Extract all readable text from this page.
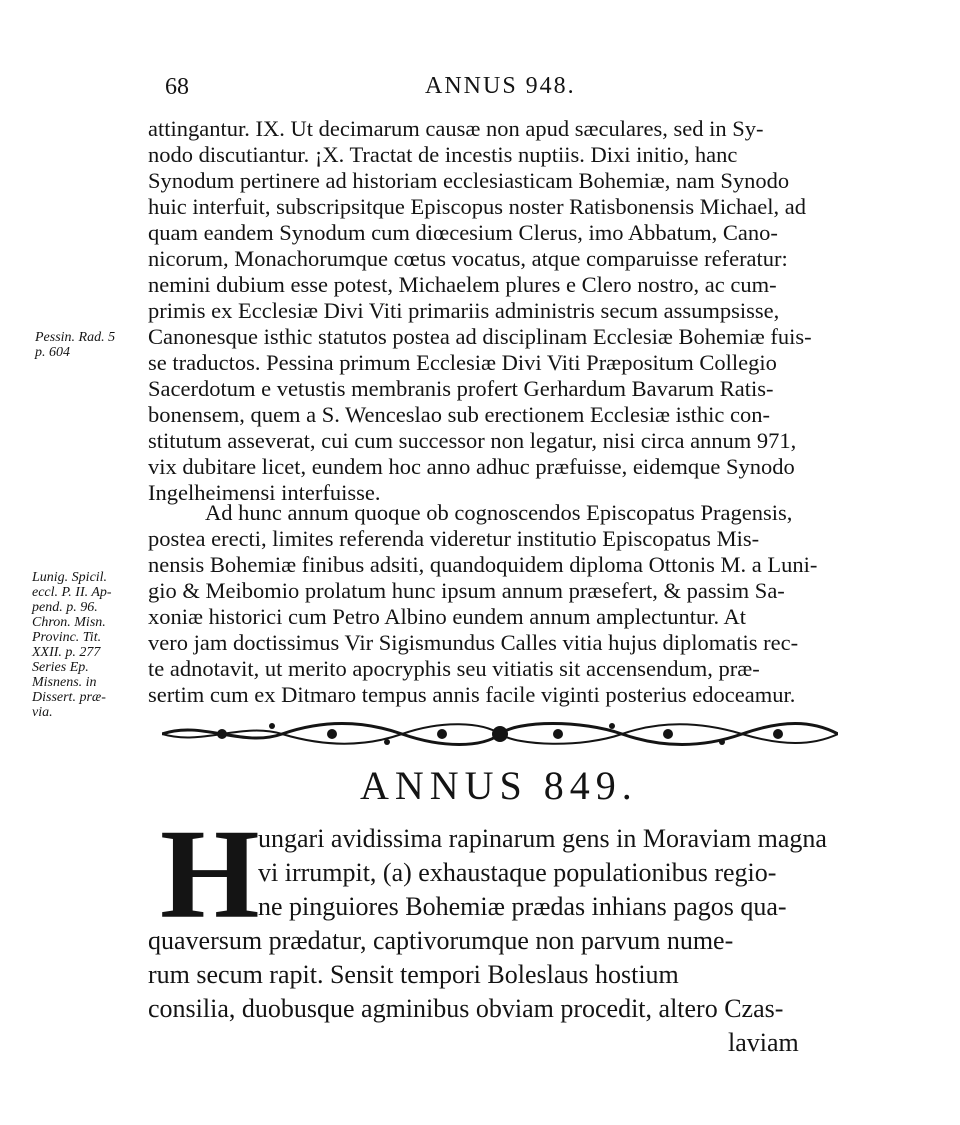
68	ANNUS 948.
attingantur. IX. Ut decimarum causæ non apud sæculares, sed in Sy-
nodo discutiantur. ¡X. Tractat de incestis nuptiis. Dixi initio, hanc
Synodum pertinere ad historiam ecclesiasticam Bohemiæ, nam Synodo
huic interfuit, subscripsitque Episcopus noster Ratisbonensis Michael, ad
quam eandem Synodum cum diœcesium Clerus, imo Abbatum, Cano-
nicorum, Monachorumque cœtus vocatus, atque comparuisse referatur:
nemini dubium esse potest, Michaelem plures e Clero nostro, ac cum-
primis ex Ecclesiæ Divi Viti primariis administris secum assumpsisse,
Canonesque isthic statutos postea ad disciplinam Ecclesiæ Bohemiæ fuis-
se traductos. Pessina primum Ecclesiæ Divi Viti Præpositum Collegio
Sacerdotum e vetustis membranis profert Gerhardum Bavarum Ratis-
bonensem, quem a S. Wenceslao sub erectionem Ecclesiæ isthic con-
stitutum asseverat, cui cum successor non legatur, nisi circa annum 971,
vix dubitare licet, eundem hoc anno adhuc præfuisse, eidemque Synodo
Ingelheimensi interfuisse.
Pessin. Rad. 5
p. 604
Ad hunc annum quoque ob cognoscendos Episcopatus Pragensis,
postea erecti, limites referenda videretur institutio Episcopatus Mis-
nensis Bohemiæ finibus adsiti, quandoquidem diploma Ottonis M. a Luni-
gio & Meibomio prolatum hunc ipsum annum præsefert, & passim Sa-
xoniæ historici cum Petro Albino eundem annum amplectuntur. At
vero jam doctissimus Vir Sigismundus Calles vitia hujus diplomatis rec-
te adnotavit, ut merito apocryphis seu vitiatis sit accensendum, præ-
sertim cum ex Ditmaro tempus annis facile viginti posterius edoceamur.
Lunig. Spicil.
eccl. P. II. Ap-
pend. p. 96.
Chron. Misn.
Provinc. Tit.
XXII. p. 277
Series Ep.
Misnens. in
Dissert. præ-
via.
ANNUS 849.
H
ungari avidissima rapinarum gens in Moraviam magna
vi irrumpit, (a) exhaustaque populationibus regio-
ne pinguiores Bohemiæ prædas inhians pagos qua-
quaversum prædatur, captivorumque non parvum nume-
rum secum rapit. Sensit tempori Boleslaus hostium
consilia, duobusque agminibus obviam procedit, altero Czas-
laviam
